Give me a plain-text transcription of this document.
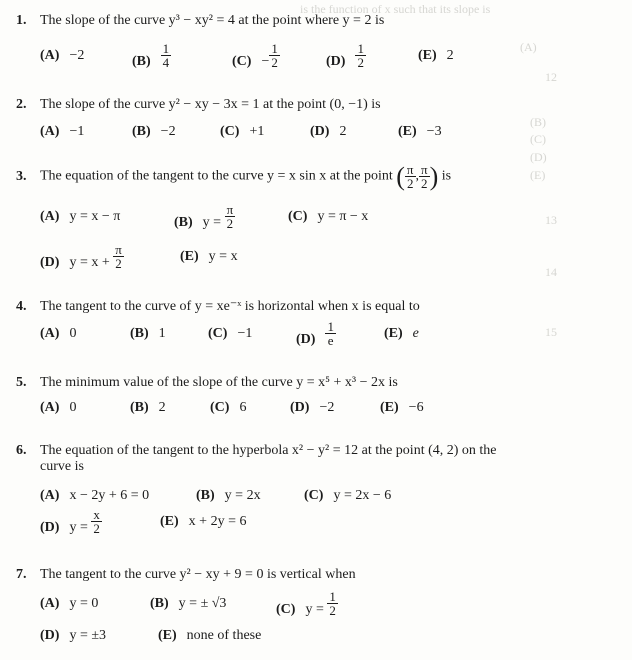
is the function of x such that its slope is
(A)
12
(B)
(C)
(D)
(E)
13
14
15
1. The slope of the curve y³ − xy² = 4 at the point where y = 2 is
(A) −2	$(B) \frac{1}{4}$	$(C) - \frac{1}{2}$	$(D) \frac{1}{2}$	(E) 2
2. The slope of the curve y² − xy − 3x = 1 at the point (0, −1) is
(A) −1	(B) −2	(C) +1	(D) 2	(E) −3
3. The equation of the tangent to the curve y = x sin x at the point ( $\frac{\pi}{2}$ , $\frac{\pi}{2}$ ) is
(A) y = x − π	(B) $y = \frac{\pi}{2}$	(C) y = π − x
(D) $y = x + \frac{\pi}{2}$	(E) y = x
4. The tangent to the curve of y = xe⁻ˣ is horizontal when x is equal to
(A) 0	(B) 1	(C) −1	$(D) \frac{1}{e}$	(E) e
5. The minimum value of the slope of the curve y = x⁵ + x³ − 2x is
(A) 0	(B) 2	(C) 6	(D) −2	(E) −6
6. The equation of the tangent to the hyperbola x² − y² = 12 at the point (4, 2) on the
curve is
(A) x − 2y + 6 = 0	(B) y = 2x	(C) y = 2x − 6
(D) $y = \frac{x}{2}$	(E) x + 2y = 6
7. The tangent to the curve y² − xy + 9 = 0 is vertical when
(A) y = 0	(B) y = ± √3	(C) $y = \frac{1}{2}$
(D) y = ±3	(E) none of these
